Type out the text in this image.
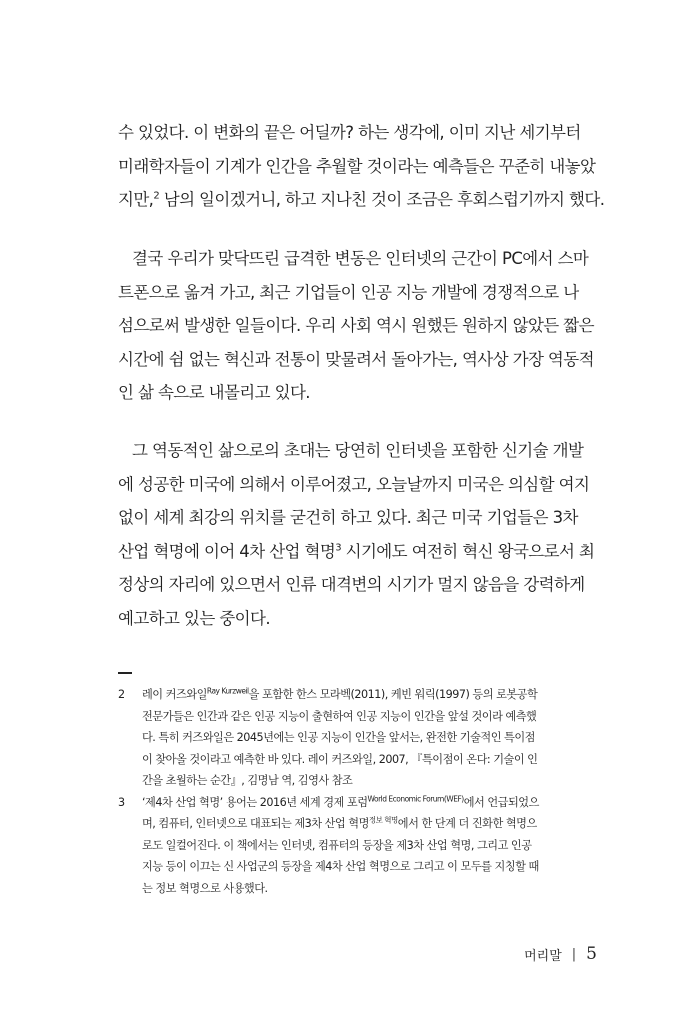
수 있었다. 이 변화의 끝은 어딜까? 하는 생각에, 이미 지난 세기부터
미래학자들이 기계가 인간을 추월할 것이라는 예측들은 꾸준히 내놓았
지만,$^2$ 남의 일이겠거니, 하고 지나친 것이 조금은 후회스럽기까지 했다.
결국 우리가 맞닥뜨린 급격한 변동은 인터넷의 근간이 PC에서 스마
트폰으로 옮겨 가고, 최근 기업들이 인공 지능 개발에 경쟁적으로 나
섬으로써 발생한 일들이다. 우리 사회 역시 원했든 원하지 않았든 짧은
시간에 쉼 없는 혁신과 전통이 맞물려서 돌아가는, 역사상 가장 역동적
인 삶 속으로 내몰리고 있다.
그 역동적인 삶으로의 초대는 당연히 인터넷을 포함한 신기술 개발
에 성공한 미국에 의해서 이루어졌고, 오늘날까지 미국은 의심할 여지
없이 세계 최강의 위치를 굳건히 하고 있다. 최근 미국 기업들은 3차
산업 혁명에 이어 4차 산업 혁명$^3$ 시기에도 여전히 혁신 왕국으로서 최
정상의 자리에 있으면서 인류 대격변의 시기가 멀지 않음을 강력하게
예고하고 있는 중이다.
2 레이 커즈와일$^{Ray Kurzweil}$을 포함한 한스 모라벡(2011), 케빈 워릭(1997) 등의 로봇공학
전문가들은 인간과 같은 인공 지능이 출현하여 인공 지능이 인간을 앞설 것이라 예측했
다. 특히 커즈와일은 2045년에는 인공 지능이 인간을 앞서는, 완전한 기술적인 특이점
이 찾아올 것이라고 예측한 바 있다. 레이 커즈와일, 2007, 『특이점이 온다: 기술이 인
간을 초월하는 순간』, 김명남 역, 김영사 참조
3 ‘제4차 산업 혁명’ 용어는 2016년 세계 경제 포럼$^{World Economic Forum(WEF)}$에서 언급되었으
며, 컴퓨터, 인터넷으로 대표되는 제3차 산업 혁명$^{정보 혁명}$에서 한 단계 더 진화한 혁명으
로도 일컬어진다. 이 책에서는 인터넷, 컴퓨터의 등장을 제3차 산업 혁명, 그리고 인공
지능 등이 이끄는 신 사업군의 등장을 제4차 산업 혁명으로 그리고 이 모두를 지칭할 때
는 정보 혁명으로 사용했다.
머리말 | 5
